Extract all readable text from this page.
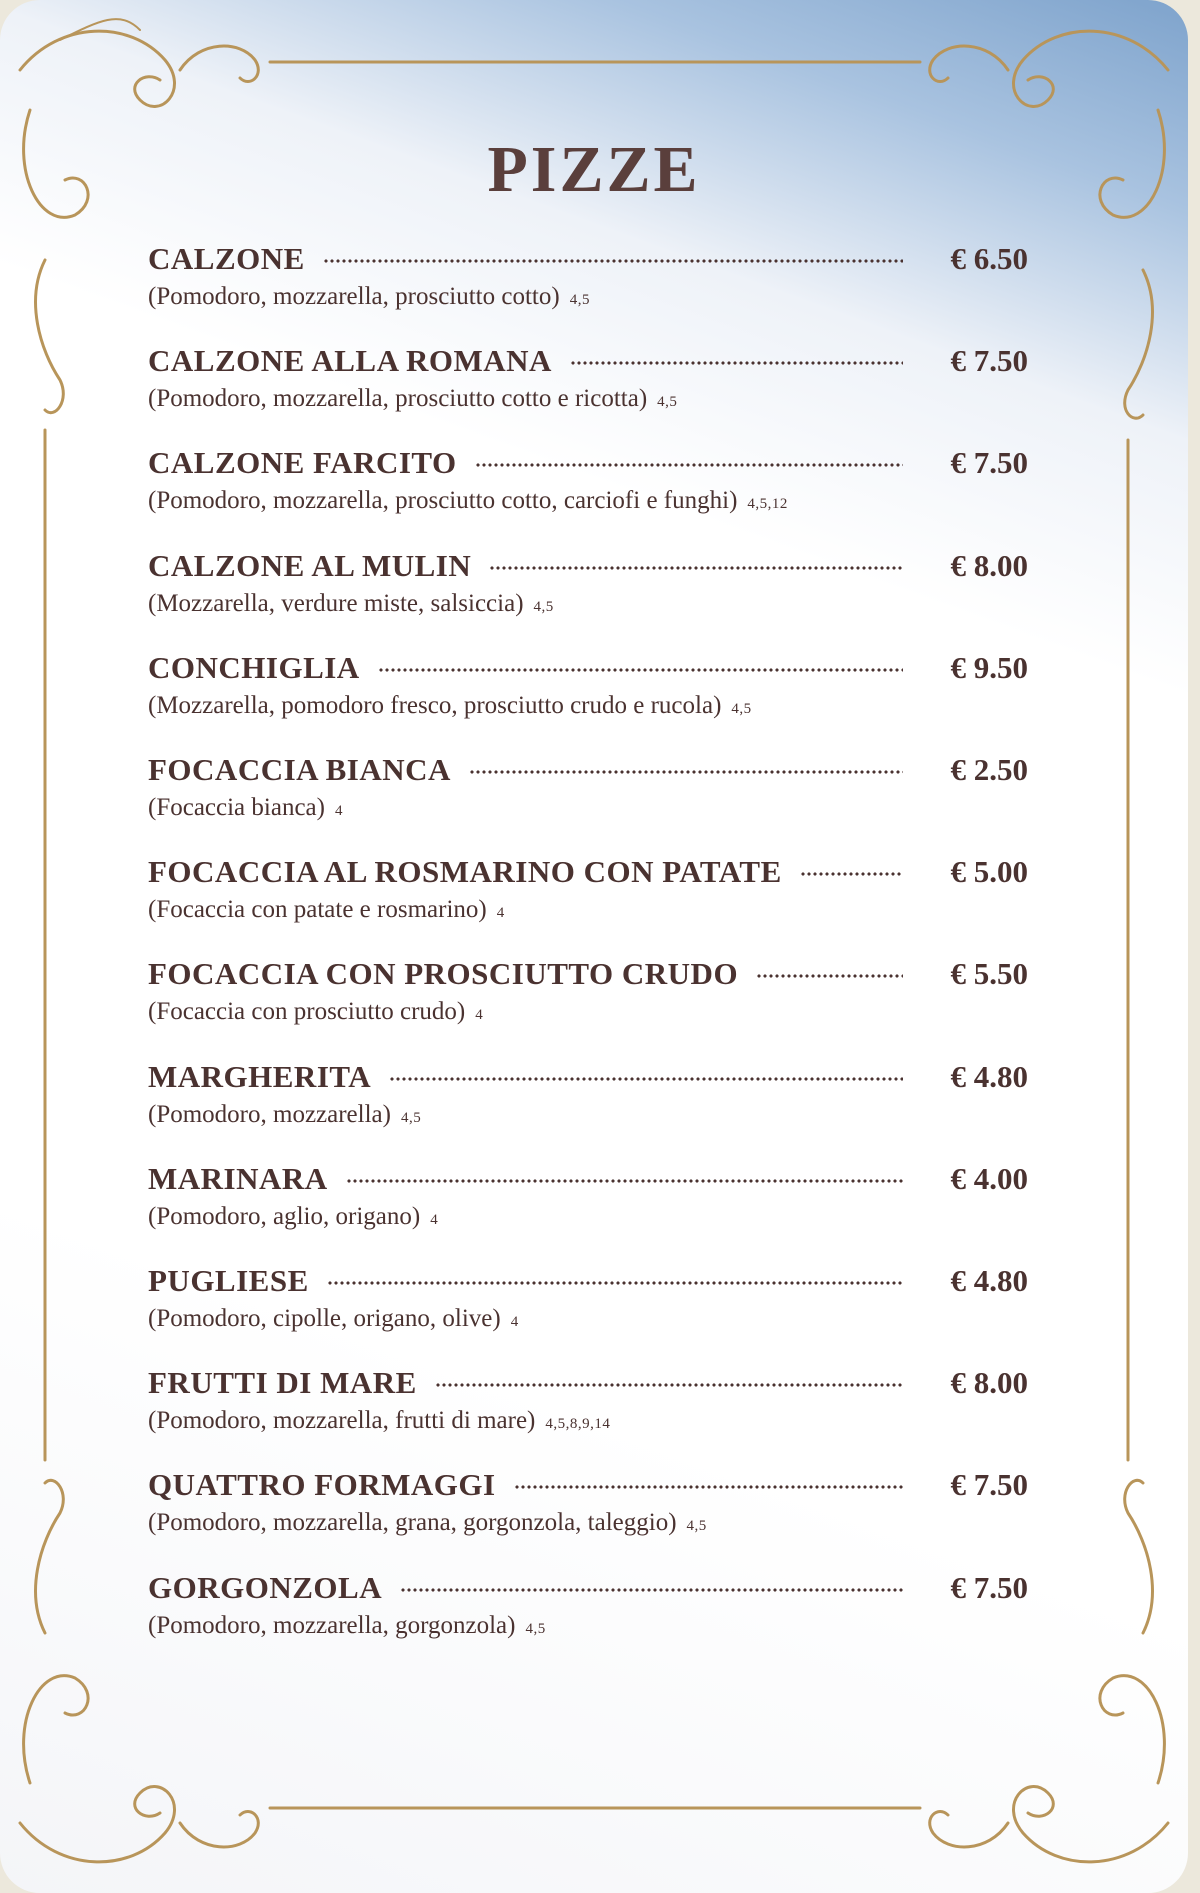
PIZZE
CALZONE	€ 6.50
(Pomodoro, mozzarella, prosciutto cotto) 4,5
CALZONE ALLA ROMANA	€ 7.50
(Pomodoro, mozzarella, prosciutto cotto e ricotta) 4,5
CALZONE FARCITO	€ 7.50
(Pomodoro, mozzarella, prosciutto cotto, carciofi e funghi) 4,5,12
CALZONE AL MULIN	€ 8.00
(Mozzarella, verdure miste, salsiccia) 4,5
CONCHIGLIA	€ 9.50
(Mozzarella, pomodoro fresco, prosciutto crudo e rucola) 4,5
FOCACCIA BIANCA	€ 2.50
(Focaccia bianca) 4
FOCACCIA AL ROSMARINO CON PATATE	€ 5.00
(Focaccia con patate e rosmarino) 4
FOCACCIA CON PROSCIUTTO CRUDO	€ 5.50
(Focaccia con prosciutto crudo) 4
MARGHERITA	€ 4.80
(Pomodoro, mozzarella) 4,5
MARINARA	€ 4.00
(Pomodoro, aglio, origano) 4
PUGLIESE	€ 4.80
(Pomodoro, cipolle, origano, olive) 4
FRUTTI DI MARE	€ 8.00
(Pomodoro, mozzarella, frutti di mare) 4,5,8,9,14
QUATTRO FORMAGGI	€ 7.50
(Pomodoro, mozzarella, grana, gorgonzola, taleggio) 4,5
GORGONZOLA	€ 7.50
(Pomodoro, mozzarella, gorgonzola) 4,5
